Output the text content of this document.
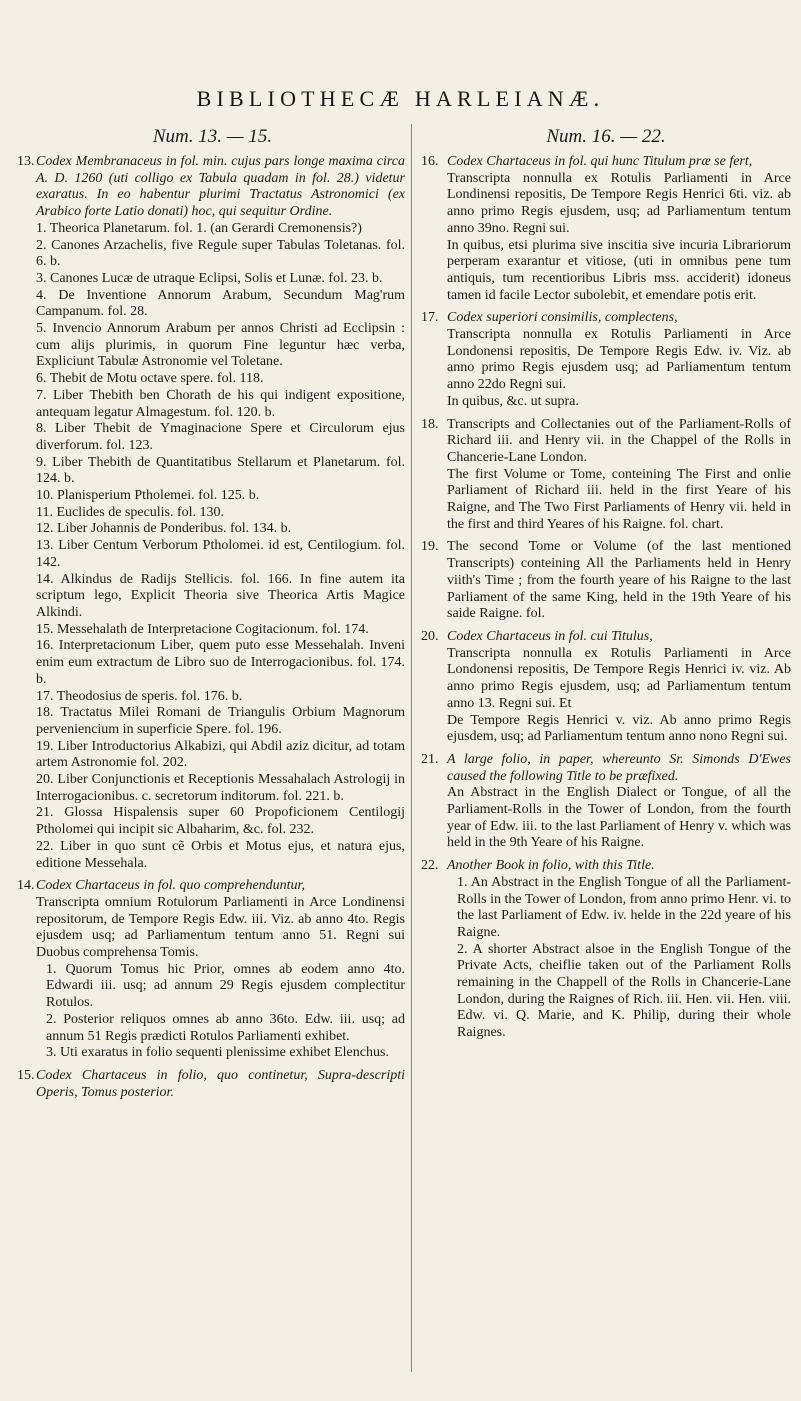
BIBLIOTHECÆ HARLEIANÆ.
Num. 13. — 15.
13. Codex Membranaceus in fol. min. cujus pars longe maxima circa A. D. 1260 (uti colligo ex Tabula quadam in fol. 28.) videtur exaratus. In eo habentur plurimi Tractatus Astronomici (ex Arabico forte Latio donati) hoc, qui sequitur Ordine.

1. Theorica Planetarum. fol. 1. (an Gerardi Cremonensis?)

2. Canones Arzachelis, five Regule super Tabulas Toletanas. fol. 6. b.

3. Canones Lucæ de utraque Eclipsi, Solis et Lunæ. fol. 23. b.

4. De Inventione Annorum Arabum, Secundum Mag'rum Campanum. fol. 28.

5. Invencio Annorum Arabum per annos Christi ad Ecclipsin : cum alijs plurimis, in quorum Fine leguntur hæc verba, Expliciunt Tabulæ Astronomie vel Toletane.

6. Thebit de Motu octave spere. fol. 118.

7. Liber Thebith ben Chorath de his qui indigent expositione, antequam legatur Almagestum. fol. 120. b.

8. Liber Thebit de Ymaginacione Spere et Circulorum ejus diverforum. fol. 123.

9. Liber Thebith de Quantitatibus Stellarum et Planetarum. fol. 124. b.

10. Planisperium Ptholemei. fol. 125. b.

11. Euclides de speculis. fol. 130.

12. Liber Johannis de Ponderibus. fol. 134. b.

13. Liber Centum Verborum Ptholomei. id est, Centilogium. fol. 142.

14. Alkindus de Radijs Stellicis. fol. 166. In fine autem ita scriptum lego, Explicit Theoria sive Theorica Artis Magice Alkindi.

15. Messehalath de Interpretacione Cogitacionum. fol. 174.

16. Interpretacionum Liber, quem puto esse Messehalah. Inveni enim eum extractum de Libro suo de Interrogacionibus. fol. 174. b.

17. Theodosius de speris. fol. 176. b.

18. Tractatus Milei Romani de Triangulis Orbium Magnorum perveniencium in superficie Spere. fol. 196.

19. Liber Introductorius Alkabizi, qui Abdil aziz dicitur, ad totam artem Astronomie fol. 202.

20. Liber Conjunctionis et Receptionis Messahalach Astrologij in Interrogacionibus. c. secretorum inditorum. fol. 221. b.

21. Glossa Hispalensis super 60 Propoficionem Centilogij Ptholomei qui incipit sic Albaharim, &c. fol. 232.

22. Liber in quo sunt cẽ Orbis et Motus ejus, et natura ejus, editione Messehala.

14. Codex Chartaceus in fol. quo comprehenduntur,

Transcripta omnium Rotulorum Parliamenti in Arce Londinensi repositorum, de Tempore Regis Edw. iii. Viz. ab anno 4to. Regis ejusdem usq; ad Parliamentum tentum anno 51. Regni sui Duobus comprehensa Tomis.

1. Quorum Tomus hic Prior, omnes ab eodem anno 4to. Edwardi iii. usq; ad annum 29 Regis ejusdem complectitur Rotulos.

2. Posterior reliquos omnes ab anno 36to. Edw. iii. usq; ad annum 51 Regis prædicti Rotulos Parliamenti exhibet.

3. Uti exaratus in folio sequenti plenissime exhibet Elenchus.

15. Codex Chartaceus in folio, quo continetur, Supra-descripti Operis, Tomus posterior.

Num. 16. — 22.
16. Codex Chartaceus in fol. qui hunc Titulum præ se fert,

Transcripta nonnulla ex Rotulis Parliamenti in Arce Londinensi repositis, De Tempore Regis Henrici 6ti. viz. ab anno primo Regis ejusdem, usq; ad Parliamentum tentum anno 39no. Regni sui.

In quibus, etsi plurima sive inscitia sive incuria Librariorum perperam exarantur et vitiose, (uti in omnibus pene tum antiquis, tum recentioribus Libris mss. acciderit) idoneus tamen id facile Lector subolebit, et emendare potis erit.

17. Codex superiori consimilis, complectens,

Transcripta nonnulla ex Rotulis Parliamenti in Arce Londonensi repositis, De Tempore Regis Edw. iv. Viz. ab anno primo Regis ejusdem usq; ad Parliamentum tentum anno 22do Regni sui.

In quibus, &c. ut supra.

18. Transcripts and Collectanies out of the Parliament-Rolls of Richard iii. and Henry vii. in the Chappel of the Rolls in Chancerie-Lane London.

The first Volume or Tome, conteining The First and onlie Parliament of Richard iii. held in the first Yeare of his Raigne, and The Two First Parliaments of Henry vii. held in the first and third Yeares of his Raigne. fol. chart.

19. The second Tome or Volume (of the last mentioned Transcripts) conteining All the Parliaments held in Henry viith's Time ; from the fourth yeare of his Raigne to the last Parliament of the same King, held in the 19th Yeare of his saide Raigne. fol.

20. Codex Chartaceus in fol. cui Titulus,

Transcripta nonnulla ex Rotulis Parliamenti in Arce Londonensi repositis, De Tempore Regis Henrici iv. viz. Ab anno primo Regis ejusdem, usq; ad Parliamentum tentum anno 13. Regni sui. Et

De Tempore Regis Henrici v. viz. Ab anno primo Regis ejusdem, usq; ad Parliamentum tentum anno nono Regni sui.

21. A large folio, in paper, whereunto Sr. Simonds D'Ewes caused the following Title to be præfixed.

An Abstract in the English Dialect or Tongue, of all the Parliament-Rolls in the Tower of London, from the fourth year of Edw. iii. to the last Parliament of Henry v. which was held in the 9th Yeare of his Raigne.

22. Another Book in folio, with this Title.

1. An Abstract in the English Tongue of all the Parliament-Rolls in the Tower of London, from anno primo Henr. vi. to the last Parliament of Edw. iv. helde in the 22d yeare of his Raigne.

2. A shorter Abstract alsoe in the English Tongue of the Private Acts, cheiflie taken out of the Parliament Rolls remaining in the Chappell of the Rolls in Chancerie-Lane London, during the Raignes of Rich. iii. Hen. vii. Hen. viii. Edw. vi. Q. Marie, and K. Philip, during their whole Raignes.
